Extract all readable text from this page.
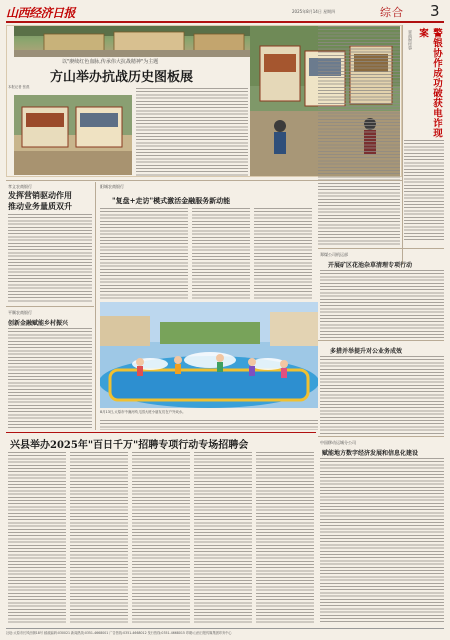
山西经济日报	2025年8月14日 星期四	综合 3
以"赓续红色血脉,传承伟大抗战精神"为主题
方山举办抗战历史图板展
本报记者 张燕
晋商财经事	警银协作成功破获电诈现案
孝义农商银行
发挥营销驱动作用
推动业务量质双升
阳城农商银行
"复盘+走访"模式激活金融服务新动能
平顺农商银行
创新金融赋能乡村振兴
8月13日,太原市中涧河幼儿园大班小朋友们在户外戏水。
郑煤公司机运部
开展矿区花池杂草清理专项行动
多措并举提升对公业务成效
中国移动运城分公司
赋能地方数字经济发展和信息化建设
兴县举办2025年"百日千万"招聘专项行动专场招聘会
社址:太原市长风西街18号 邮政编码:030021 新闻热线:0351-4668001 广告热线:0351-4668012 发行热线:0351-4668015 印刷:山西日报传媒集团印务中心
